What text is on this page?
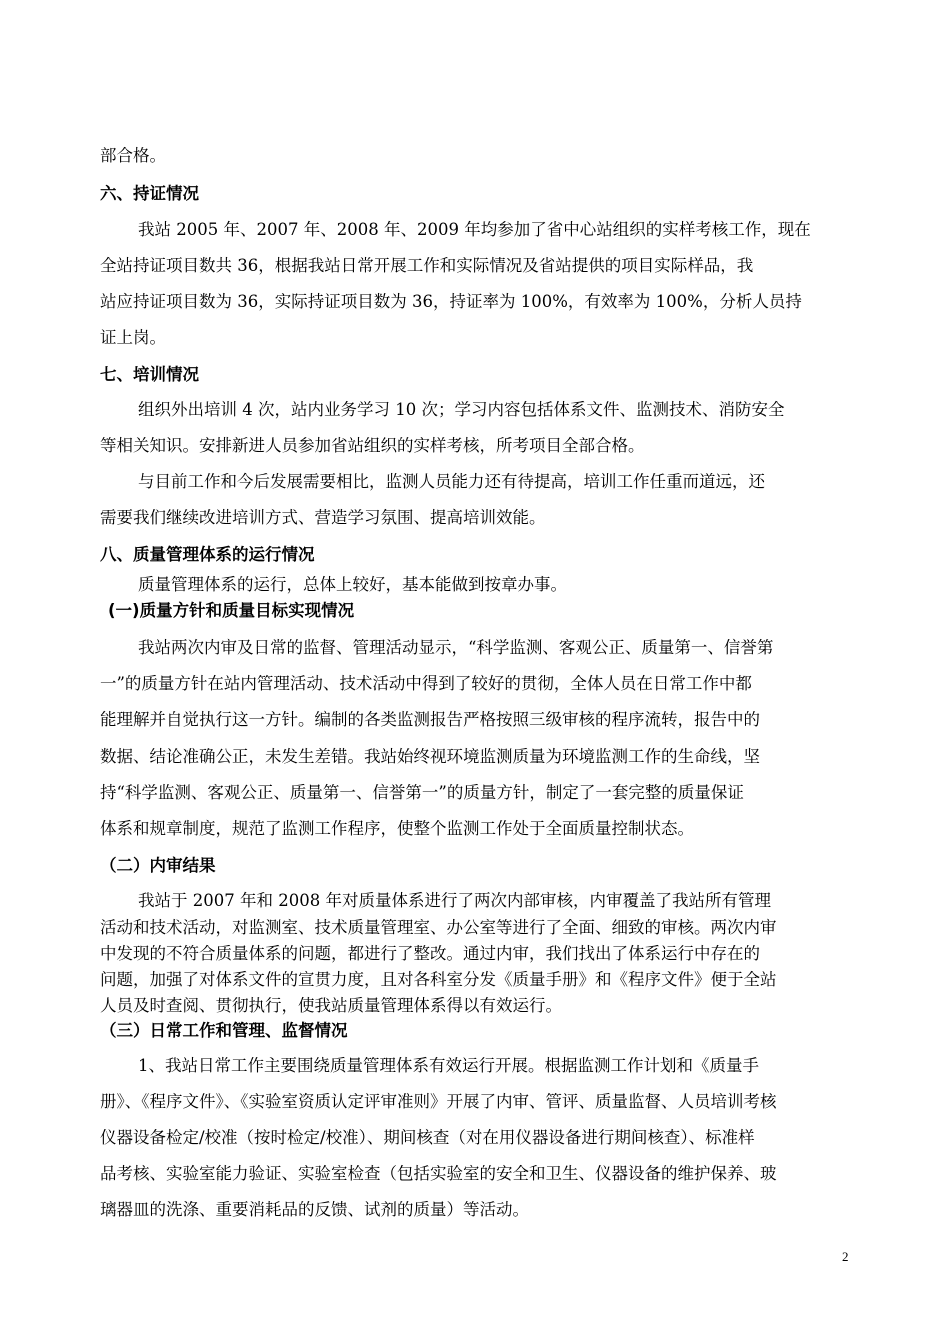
部合格。
六、持证情况
我站 2005 年、2007 年、2008 年、2009 年均参加了省中心站组织的实样考核工作，现在
全站持证项目数共 36，根据我站日常开展工作和实际情况及省站提供的项目实际样品，我
站应持证项目数为 36，实际持证项目数为 36，持证率为 100%，有效率为 100%，分析人员持
证上岗。
七、培训情况
组织外出培训 4 次，站内业务学习 10 次；学习内容包括体系文件、监测技术、消防安全
等相关知识。安排新进人员参加省站组织的实样考核，所考项目全部合格。
与目前工作和今后发展需要相比，监测人员能力还有待提高，培训工作任重而道远，还
需要我们继续改进培训方式、营造学习氛围、提高培训效能。
八、质量管理体系的运行情况
质量管理体系的运行，总体上较好，基本能做到按章办事。
(一)质量方针和质量目标实现情况
我站两次内审及日常的监督、管理活动显示，“科学监测、客观公正、质量第一、信誉第
一”的质量方针在站内管理活动、技术活动中得到了较好的贯彻，全体人员在日常工作中都
能理解并自觉执行这一方针。编制的各类监测报告严格按照三级审核的程序流转，报告中的
数据、结论准确公正，未发生差错。我站始终视环境监测质量为环境监测工作的生命线，坚
持“科学监测、客观公正、质量第一、信誉第一”的质量方针，制定了一套完整的质量保证
体系和规章制度，规范了监测工作程序，使整个监测工作处于全面质量控制状态。
（二）内审结果
我站于 2007 年和 2008 年对质量体系进行了两次内部审核，内审覆盖了我站所有管理
活动和技术活动，对监测室、技术质量管理室、办公室等进行了全面、细致的审核。两次内审
中发现的不符合质量体系的问题，都进行了整改。通过内审，我们找出了体系运行中存在的
问题，加强了对体系文件的宣贯力度，且对各科室分发《质量手册》和《程序文件》便于全站
人员及时查阅、贯彻执行，使我站质量管理体系得以有效运行。
（三）日常工作和管理、监督情况
1、我站日常工作主要围绕质量管理体系有效运行开展。根据监测工作计划和《质量手
册》、《程序文件》、《实验室资质认定评审准则》开展了内审、管评、质量监督、人员培训考核
仪器设备检定/校准（按时检定/校准）、期间核查（对在用仪器设备进行期间核查）、标准样
品考核、实验室能力验证、实验室检查（包括实验室的安全和卫生、仪器设备的维护保养、玻
璃器皿的洗涤、重要消耗品的反馈、试剂的质量）等活动。
2
